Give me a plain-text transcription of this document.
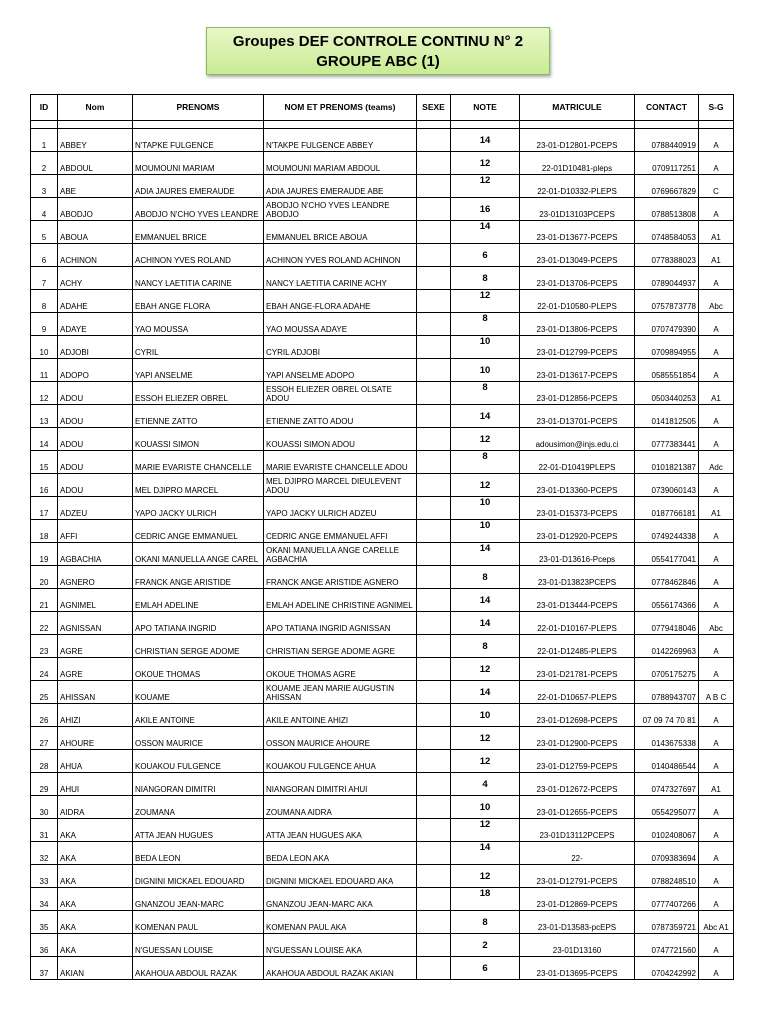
Groupes DEF CONTROLE CONTINU N° 2
GROUPE ABC (1)
ID	Nom	PRENOMS	NOM ET PRENOMS (teams)	SEXE	NOTE	MATRICULE	CONTACT	S-G

1	ABBEY	N'TAPKE FULGENCE	N'TAKPE FULGENCE ABBEY		14	23-01-D12801-PCEPS	0788440919	A
2	ABDOUL	MOUMOUNI MARIAM	MOUMOUNI MARIAM ABDOUL		12	22-01D10481-pleps	0709117251	A
3	ABE	ADIA JAURES EMERAUDE	ADIA JAURES EMERAUDE ABE		12	22-01-D10332-PLEPS	0769667829	C
4	ABODJO	ABODJO N'CHO YVES LEANDRE	ABODJO N'CHO YVES LEANDRE ABODJO		16	23-01D13103PCEPS	0788513808	A
5	ABOUA	EMMANUEL BRICE	EMMANUEL BRICE ABOUA		14	23-01-D13677-PCEPS	0748584053	A1
6	ACHINON	ACHINON YVES ROLAND	ACHINON YVES ROLAND ACHINON		6	23-01-D13049-PCEPS	0778388023	A1
7	ACHY	NANCY LAETITIA CARINE	NANCY LAETITIA CARINE ACHY		8	23-01-D13706-PCEPS	0789044937	A
8	ADAHE	EBAH ANGE FLORA	EBAH ANGE-FLORA ADAHE		12	22-01-D10580-PLEPS	0757873778	Abc
9	ADAYE	YAO MOUSSA	YAO MOUSSA ADAYE		8	23-01-D13806-PCEPS	0707479390	A
10	ADJOBI	CYRIL	CYRIL ADJOBI		10	23-01-D12799-PCEPS	0709894955	A
11	ADOPO	YAPI ANSELME	YAPI ANSELME ADOPO		10	23-01-D13617-PCEPS	0585551854	A
12	ADOU	ESSOH ELIEZER OBREL	ESSOH ELIEZER OBREL OLSATE ADOU		8	23-01-D12856-PCEPS	0503440253	A1
13	ADOU	ETIENNE ZATTO	ETIENNE ZATTO ADOU		14	23-01-D13701-PCEPS	0141812505	A
14	ADOU	KOUASSI SIMON	KOUASSI SIMON ADOU		12	adousimon@injs.edu.ci	0777383441	A
15	ADOU	MARIE EVARISTE CHANCELLE	MARIE EVARISTE CHANCELLE ADOU		8	22-01-D10419PLEPS	0101821387	Adc
16	ADOU	MEL DJIPRO MARCEL	MEL DJIPRO MARCEL DIEULEVENT ADOU		12	23-01-D13360-PCEPS	0739060143	A
17	ADZEU	YAPO JACKY ULRICH	YAPO JACKY ULRICH ADZEU		10	23-01-D15373-PCEPS	0187766181	A1
18	AFFI	CEDRIC ANGE EMMANUEL	CEDRIC ANGE EMMANUEL AFFI		10	23-01-D12920-PCEPS	0749244338	A
19	AGBACHIA	OKANI MANUELLA ANGE CAREL	OKANI MANUELLA ANGE CARELLE AGBACHIA		14	23-01-D13616-Pceps	0554177041	A
20	AGNERO	FRANCK ANGE ARISTIDE	FRANCK ANGE ARISTIDE AGNERO		8	23-01-D13823PCEPS	0778462846	A
21	AGNIMEL	EMLAH ADELINE	EMLAH ADELINE CHRISTINE AGNIMEL		14	23-01-D13444-PCEPS	0556174366	A
22	AGNISSAN	APO TATIANA INGRID	APO TATIANA INGRID AGNISSAN		14	22-01-D10167-PLEPS	0779418046	Abc
23	AGRE	CHRISTIAN SERGE ADOME	CHRISTIAN SERGE ADOME AGRE		8	22-01-D12485-PLEPS	0142269963	A
24	AGRE	OKOUE THOMAS	OKOUE THOMAS AGRE		12	23-01-D21781-PCEPS	0705175275	A
25	AHISSAN	KOUAME	KOUAME JEAN MARIE AUGUSTIN AHISSAN		14	22-01-D10657-PLEPS	0788943707	A B C
26	AHIZI	AKILE ANTOINE	AKILE ANTOINE AHIZI		10	23-01-D12698-PCEPS	07 09 74 70 81	A
27	AHOURE	OSSON MAURICE	OSSON MAURICE AHOURE		12	23-01-D12900-PCEPS	0143675338	A
28	AHUA	KOUAKOU FULGENCE	KOUAKOU FULGENCE AHUA		12	23-01-D12759-PCEPS	0140486544	A
29	AHUI	NIANGORAN DIMITRI	NIANGORAN DIMITRI AHUI		4	23-01-D12672-PCEPS	0747327697	A1
30	AIDRA	ZOUMANA	ZOUMANA AIDRA		10	23-01-D12655-PCEPS	0554295077	A
31	AKA	ATTA JEAN HUGUES	ATTA JEAN HUGUES AKA		12	23-01D13112PCEPS	0102408067	A
32	AKA	BEDA LEON	BEDA LEON AKA		14	22-	0709383694	A
33	AKA	DIGNINI MICKAEL EDOUARD	DIGNINI MICKAEL EDOUARD AKA		12	23-01-D12791-PCEPS	0788248510	A
34	AKA	GNANZOU JEAN-MARC	GNANZOU JEAN-MARC AKA		18	23-01-D12869-PCEPS	0777407266	A
35	AKA	KOMENAN PAUL	KOMENAN PAUL AKA		8	23-01-D13583-pcEPS	0787359721	Abc A1
36	AKA	N'GUESSAN LOUISE	N'GUESSAN LOUISE AKA		2	23-01D13160	0747721560	A
37	AKIAN	AKAHOUA ABDOUL RAZAK	AKAHOUA ABDOUL RAZAK AKIAN		6	23-01-D13695-PCEPS	0704242992	A
